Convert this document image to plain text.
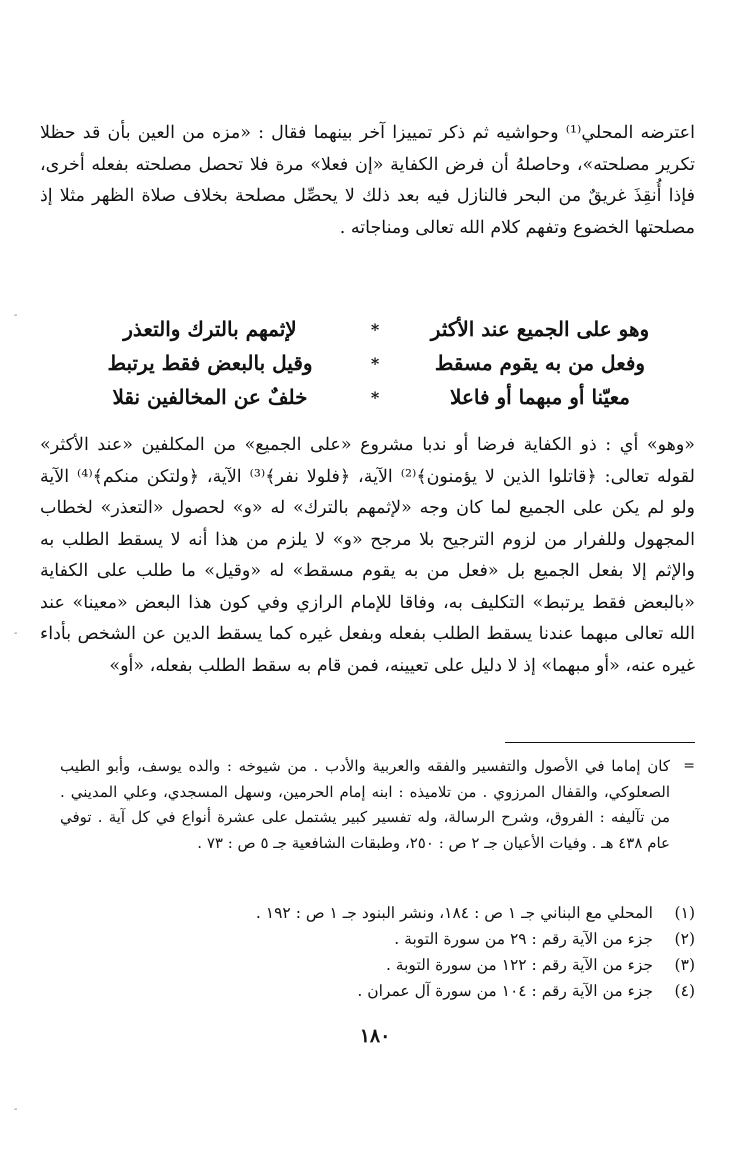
اعترضه المحلي⁽¹⁾ وحواشيه ثم ذكر تمييزا آخر بينهما فقال : «مزه من العين بأن قد حظلا تكرير مصلحته»، وحاصلهُ أن فرض الكفاية «إن فعلا» مرة فلا تحصل مصلحته بفعله أخرى، فإذا أُنقِذَ غريقٌ من البحر فالنازل فيه بعد ذلك لا يحصِّل مصلحة بخلاف صلاة الظهر مثلا إذ مصلحتها الخضوع وتفهم كلام الله تعالى ومناجاته .

وهو على الجميع عند الأكثر
*
لإثمهم بالترك والتعذر
وفعل من به يقوم مسقط
*
وقيل بالبعض فقط يرتبط
معيّنا أو مبهما أو فاعلا
*
خلفٌ عن المخالفين نقلا

«وهو» أي : ذو الكفاية فرضا أو ندبا مشروع «على الجميع» من المكلفين «عند الأكثر» لقوله تعالى: ﴿قاتلوا الذين لا يؤمنون﴾⁽²⁾ الآية، ﴿فلولا نفر﴾⁽³⁾ الآية، ﴿ولتكن منكم﴾⁽⁴⁾ الآية ولو لم يكن على الجميع لما كان وجه «لإثمهم بالترك» له «و» لحصول «التعذر» لخطاب المجهول وللفرار من لزوم الترجيح بلا مرجح «و» لا يلزم من هذا أنه لا يسقط الطلب به والإثم إلا بفعل الجميع بل «فعل من به يقوم مسقط» له «وقيل» ما طلب على الكفاية «بالبعض فقط يرتبط» التكليف به، وفاقا للإمام الرازي وفي كون هذا البعض «معينا» عند الله تعالى مبهما عندنا يسقط الطلب بفعله وبفعل غيره كما يسقط الدين عن الشخص بأداء غيره عنه، «أو مبهما» إذ لا دليل على تعيينه، فمن قام به سقط الطلب بفعله، «أو»

=

كان إماما في الأصول والتفسير والفقه والعربية والأدب . من شيوخه : والده يوسف، وأبو الطيب الصعلوكي، والقفال المرزوي . من تلاميذه : ابنه إمام الحرمين، وسهل المسجدي، وعلي المديني . من تآليفه : الفروق، وشرح الرسالة، وله تفسير كبير يشتمل على عشرة أنواع في كل آية . توفي عام ٤٣٨ هـ . وفيات الأعيان جـ ٢ ص : ٢٥٠، وطبقات الشافعية جـ ٥ ص : ٧٣ .

(١)
المحلي مع البناني جـ ١ ص : ١٨٤، ونشر البنود جـ ١ ص : ١٩٢ .
(٢)
جزء من الآية رقم : ٢٩ من سورة التوبة .
(٣)
جزء من الآية رقم : ١٢٢ من سورة التوبة .
(٤)
جزء من الآية رقم : ١٠٤ من سورة آل عمران .
١٨٠
-
-
-
